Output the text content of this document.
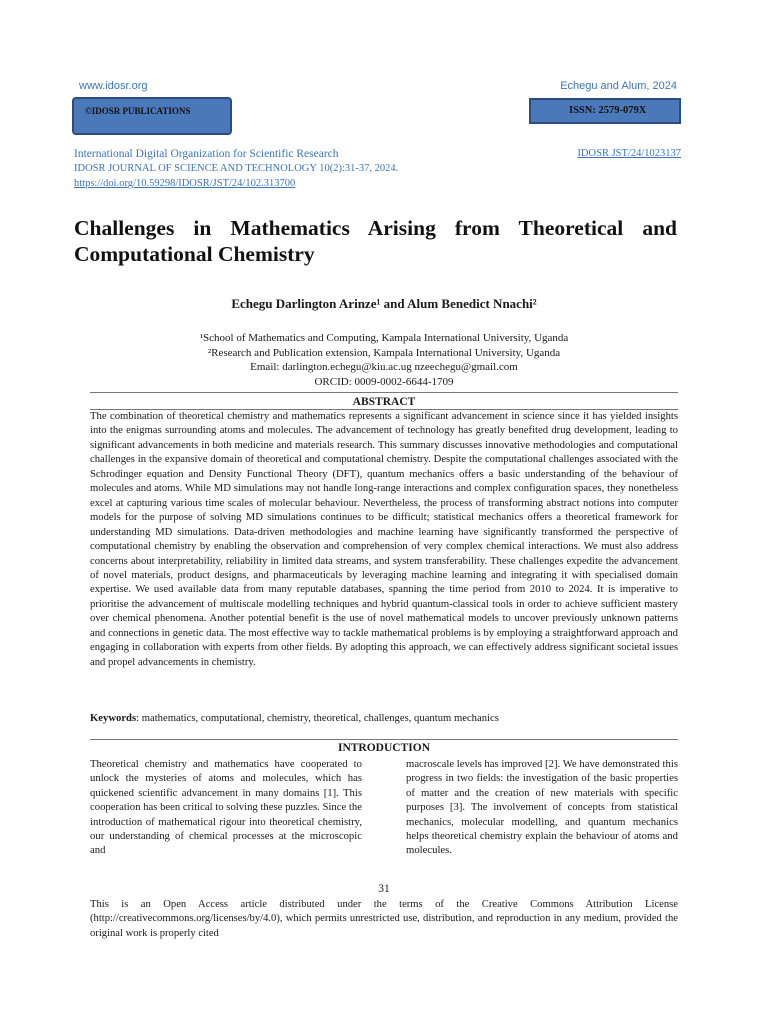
www.idosr.org	Echegu and Alum, 2024
©IDOSR PUBLICATIONS	ISSN: 2579-079X
International Digital Organization for Scientific Research	IDOSR JST/24/1023137
IDOSR JOURNAL OF SCIENCE AND TECHNOLOGY 10(2):31-37, 2024.
https://doi.org/10.59298/IDOSR/JST/24/102.313700
Challenges in Mathematics Arising from Theoretical and Computational Chemistry
Echegu Darlington Arinze¹ and Alum Benedict Nnachi²
¹School of Mathematics and Computing, Kampala International University, Uganda
²Research and Publication extension, Kampala International University, Uganda
Email: darlington.echegu@kiu.ac.ug nzeechegu@gmail.com
ORCID: 0009-0002-6644-1709
ABSTRACT

The combination of theoretical chemistry and mathematics represents a significant advancement in science since it has yielded insights into the enigmas surrounding atoms and molecules. The advancement of technology has greatly benefited drug development, leading to significant advancements in both medicine and materials research. This summary discusses innovative methodologies and computational challenges in the expansive domain of theoretical and computational chemistry. Despite the computational challenges associated with the Schrodinger equation and Density Functional Theory (DFT), quantum mechanics offers a basic understanding of the behaviour of molecules and atoms. While MD simulations may not handle long-range interactions and complex configuration spaces, they nonetheless excel at capturing various time scales of molecular behaviour. Nevertheless, the process of transforming abstract notions into computer models for the purpose of solving MD simulations continues to be difficult; statistical mechanics offers a theoretical framework for understanding MD simulations. Data-driven methodologies and machine learning have significantly transformed the perspective of computational chemistry by enabling the observation and comprehension of very complex chemical interactions. We must also address concerns about interpretability, reliability in limited data streams, and system transferability. These challenges expedite the advancement of novel materials, product designs, and pharmaceuticals by leveraging machine learning and integrating it with specialised domain expertise. We used available data from many reputable databases, spanning the time period from 2010 to 2024. It is imperative to prioritise the advancement of multiscale modelling techniques and hybrid quantum-classical tools in order to achieve sufficient mastery over chemical phenomena. Another potential benefit is the use of novel mathematical models to uncover previously unknown patterns and connections in genetic data. The most effective way to tackle mathematical problems is by employing a straightforward approach and engaging in collaboration with experts from other fields. By adopting this approach, we can effectively address significant societal issues and propel advancements in chemistry.

Keywords: mathematics, computational, chemistry, theoretical, challenges, quantum mechanics
INTRODUCTION

Theoretical chemistry and mathematics have cooperated to unlock the mysteries of atoms and molecules, which has quickened scientific advancement in many domains [1]. This cooperation has been critical to solving these puzzles. Since the introduction of mathematical rigour into theoretical chemistry, our understanding of chemical processes at the microscopic and

macroscale levels has improved [2]. We have demonstrated this progress in two fields: the investigation of the basic properties of matter and the creation of new materials with specific purposes [3]. The involvement of concepts from statistical mechanics, molecular modelling, and quantum mechanics helps theoretical chemistry explain the behaviour of atoms and molecules.

31

This is an Open Access article distributed under the terms of the Creative Commons Attribution License (http://creativecommons.org/licenses/by/4.0), which permits unrestricted use, distribution, and reproduction in any medium, provided the original work is properly cited
